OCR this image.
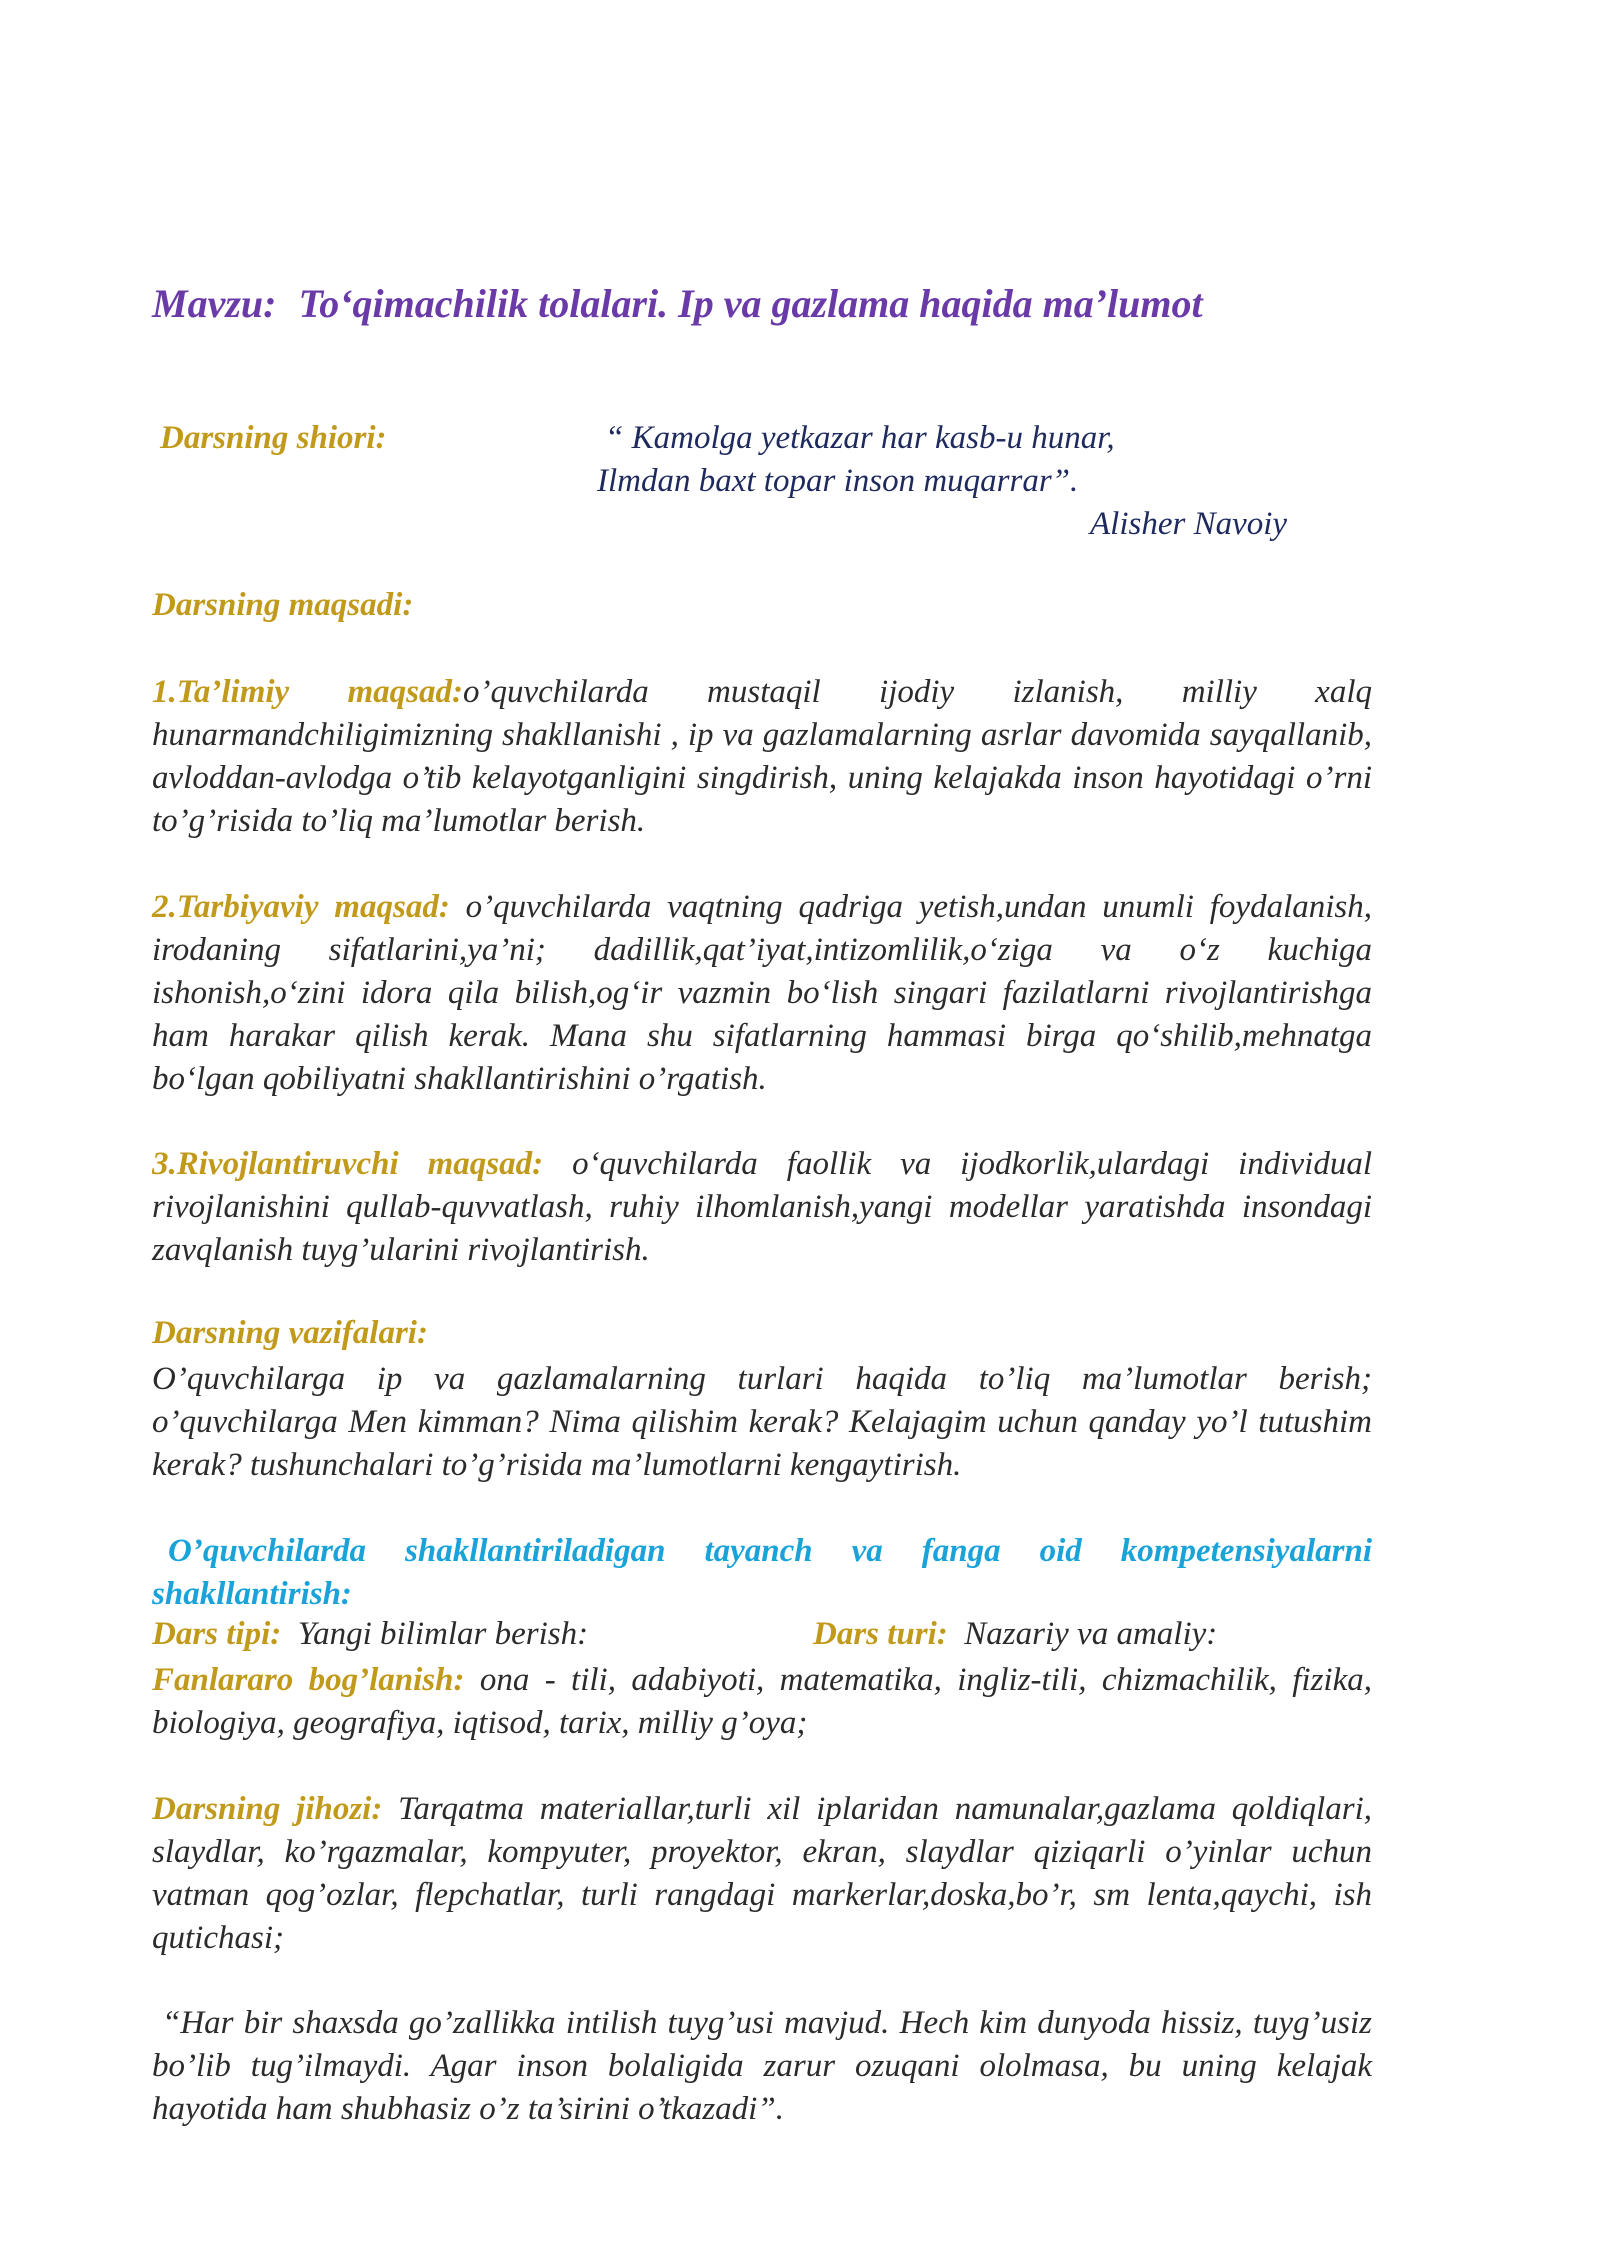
Mavzu: To‘qimachilik tolalari. Ip va gazlama haqida ma’lumot
Darsning shiori:	“ Kamolga yetkazar har kasb-u hunar,
Ilmdan baxt topar inson muqarrar”.
Alisher Navoiy
Darsning maqsadi:

1.Ta’limiy maqsad:o’quvchilarda mustaqil ijodiy izlanish, milliy xalq hunarmandchiligimizning shakllanishi , ip va gazlamalarning asrlar davomida sayqallanib, avloddan-avlodga o’tib kelayotganligini singdirish, uning kelajakda inson hayotidagi o’rni to’g’risida to’liq ma’lumotlar berish.

2.Tarbiyaviy maqsad: o’quvchilarda vaqtning qadriga yetish,undan unumli foydalanish, irodaning sifatlarini,ya’ni; dadillik,qat’iyat,intizomlilik,o‘ziga va o‘z kuchiga ishonish,o‘zini idora qila bilish,og‘ir vazmin bo‘lish singari fazilatlarni rivojlantirishga ham harakar qilish kerak. Mana shu sifatlarning hammasi birga qo‘shilib,mehnatga bo‘lgan qobiliyatni shakllantirishini o’rgatish.

3.Rivojlantiruvchi maqsad: o‘quvchilarda faollik va ijodkorlik,ulardagi individual rivojlanishini qullab-quvvatlash, ruhiy ilhomlanish,yangi modellar yaratishda insondagi zavqlanish tuyg’ularini rivojlantirish.

Darsning vazifalari:

O’quvchilarga ip va gazlamalarning turlari haqida to’liq ma’lumotlar berish; o’quvchilarga Men kimman? Nima qilishim kerak? Kelajagim uchun qanday yo’l tutushim kerak? tushunchalari to’g’risida ma’lumotlarni kengaytirish.

O’quvchilarda shakllantiriladigan tayanch va fanga oid kompetensiyalarni shakllantirish:

Dars tipi: Yangi bilimlar berish:	Dars turi: Nazariy va amaliy:

Fanlararo bog’lanish: ona - tili, adabiyoti, matematika, ingliz-tili, chizmachilik, fizika, biologiya, geografiya, iqtisod, tarix, milliy g’oya;

Darsning jihozi: Tarqatma materiallar,turli xil iplaridan namunalar,gazlama qoldiqlari, slaydlar, ko’rgazmalar, kompyuter, proyektor, ekran, slaydlar qiziqarli o’yinlar uchun vatman qog’ozlar, flepchatlar, turli rangdagi markerlar,doska,bo’r, sm lenta,qaychi, ish qutichasi;

“Har bir shaxsda go’zallikka intilish tuyg’usi mavjud. Hech kim dunyoda hissiz, tuyg’usiz bo’lib tug’ilmaydi. Agar inson bolaligida zarur ozuqani ololmasa, bu uning kelajak hayotida ham shubhasiz o’z ta’sirini o’tkazadi”.
